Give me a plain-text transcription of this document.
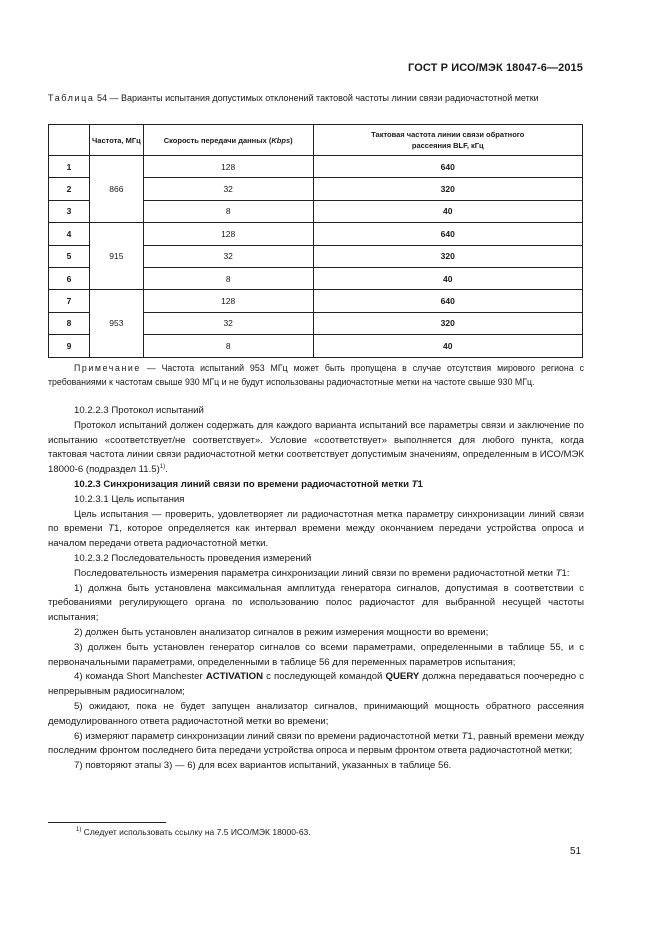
ГОСТ Р ИСО/МЭК 18047-6—2015
Таблица 54 — Варианты испытания допустимых отклонений тактовой частоты линии связи радиочастотной метки
	Частота, МГц	Скорость передачи данных (Kbps)	Тактовая частота линии связи обратного
рассеяния BLF, кГц
1	866	128	640
2		32	320
3		8	40
4	915	128	640
5		32	320
6		8	40
7	953	128	640
8		32	320
9		8	40

Примечание — Частота испытаний 953 МГц может быть пропущена в случае отсутствия мирового региона с требованиями к частотам свыше 930 МГц и не будут использованы радиочастотные метки на частоте свыше 930 МГц.

10.2.2.3 Протокол испытаний

Протокол испытаний должен содержать для каждого варианта испытаний все параметры связи и заключение по испытанию «соответствует/не соответствует». Условие «соответствует» выполняется для любого пункта, когда тактовая частота линии связи радиочастотной метки соответствует допустимым значениям, определенным в ИСО/МЭК 18000-6 (подраздел 11.5)$^{1)}$.

10.2.3 Синхронизация линий связи по времени радиочастотной метки T1

10.2.3.1 Цель испытания

Цель испытания — проверить, удовлетворяет ли радиочастотная метка параметру синхронизации линий связи по времени T1, которое определяется как интервал времени между окончанием передачи устройства опроса и началом передачи ответа радиочастотной метки.

10.2.3.2 Последовательность проведения измерений

Последовательность измерения параметра синхронизации линий связи по времени радиочастотной метки T1:

1) должна быть установлена максимальная амплитуда генератора сигналов, допустимая в соответствии с требованиями регулирующего органа по использованию полос радиочастот для выбранной несущей частоты испытания;

2) должен быть установлен анализатор сигналов в режим измерения мощности во времени;

3) должен быть установлен генератор сигналов со всеми параметрами, определенными в таблице 55, и с первоначальными параметрами, определенными в таблице 56 для переменных параметров испытания;

4) команда Short Manchester ACTIVATION с последующей командой QUERY должна передаваться поочередно с непрерывным радиосигналом;

5) ожидают, пока не будет запущен анализатор сигналов, принимающий мощность обратного рассеяния демодулированного ответа радиочастотной метки во времени;

6) измеряют параметр синхронизации линий связи по времени радиочастотной метки T1, равный времени между последним фронтом последнего бита передачи устройства опроса и первым фронтом ответа радиочастотной метки;

7) повторяют этапы 3) — 6) для всех вариантов испытаний, указанных в таблице 56.

$^{1)}$ Следует использовать ссылку на 7.5 ИСО/МЭК 18000-63.
51
